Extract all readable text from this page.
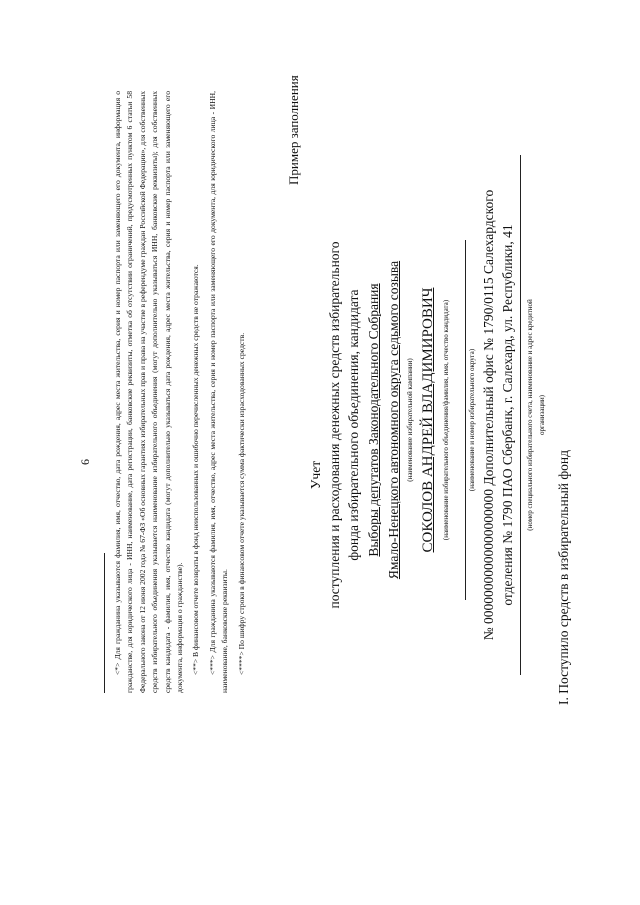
6	<*> Для гражданина указываются фамилия, имя, отчество, дата рождения, адрес места жительства, серия и номер паспорта или заменяющего его документа, информация о гражданстве, для юридического лица - ИНН, наименование, дата регистрации, банковские реквизиты, отметка об отсутствии ограничений, предусмотренных пунктом 6 статьи 58 Федерального закона от 12 июня 2002 года № 67-ФЗ «Об основных гарантиях избирательных прав и права на участие в референдуме граждан Российской Федерации», для собственных средств избирательного объединения указывается наименование избирательного объединения (могут дополнительно указываться ИНН, банковские реквизиты); для собственных средств кандидата - фамилия, имя, отчество кандидата (могут дополнительно указываться дата рождения, адрес места жительства, серия и номер паспорта или заменяющего его документа, информация о гражданстве). <**> В финансовом отчете возвраты в фонд неиспользованных и ошибочно перечисленных денежных средств не отражаются. <***> Для гражданина указываются фамилия, имя, отчество, адрес места жительства, серия и номер паспорта или заменяющего его документа, для юридического лица - ИНН, наименование, банковские реквизиты. <****> По шифру строки в финансовом отчете указывается сумма фактически израсходованных средств.

Пример заполнения
Учет поступления и расходования денежных средств избирательного фонда избирательного объединения, кандидата Выборы депутатов Законодательного Собрания Ямало-Ненецкого автономного округа седьмого созыва (наименование избирательной кампании) СОКОЛОВ АНДРЕЙ ВЛАДИМИРОВИЧ (наименование избирательного объединения/фамилия, имя, отчество кандидата)	(наименование и номер избирательного округа) № 00000000000000000000 Дополнительный офис № 1790/0115 Салехардского отделения № 1790 ПАО Сбербанк, г. Салехард, ул. Республики, 41 (номер специального избирательного счета, наименование и адрес кредитной организации)
I. Поступило средств в избирательный фонд
